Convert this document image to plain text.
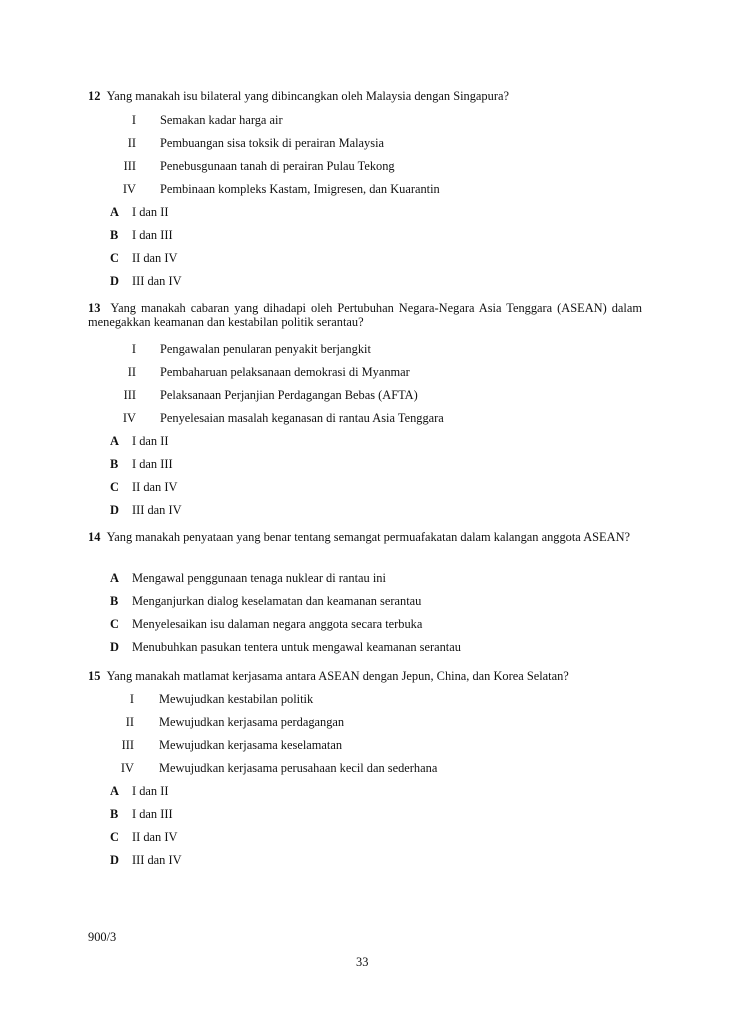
12 Yang manakah isu bilateral yang dibincangkan oleh Malaysia dengan Singapura?
I Semakan kadar harga air
II Pembuangan sisa toksik di perairan Malaysia
III Penebusgunaan tanah di perairan Pulau Tekong
IV Pembinaan kompleks Kastam, Imigresen, dan Kuarantin
A I dan II
B I dan III
C II dan IV
D III dan IV
13 Yang manakah cabaran yang dihadapi oleh Pertubuhan Negara-Negara Asia Tenggara (ASEAN) dalam menegakkan keamanan dan kestabilan politik serantau?
I Pengawalan penularan penyakit berjangkit
II Pembaharuan pelaksanaan demokrasi di Myanmar
III Pelaksanaan Perjanjian Perdagangan Bebas (AFTA)
IV Penyelesaian masalah keganasan di rantau Asia Tenggara
A I dan II
B I dan III
C II dan IV
D III dan IV
14 Yang manakah penyataan yang benar tentang semangat permuafakatan dalam kalangan anggota ASEAN?
A Mengawal penggunaan tenaga nuklear di rantau ini
B Menganjurkan dialog keselamatan dan keamanan serantau
C Menyelesaikan isu dalaman negara anggota secara terbuka
D Menubuhkan pasukan tentera untuk mengawal keamanan serantau
15 Yang manakah matlamat kerjasama antara ASEAN dengan Jepun, China, dan Korea Selatan?
I Mewujudkan kestabilan politik
II Mewujudkan kerjasama perdagangan
III Mewujudkan kerjasama keselamatan
IV Mewujudkan kerjasama perusahaan kecil dan sederhana
A I dan II
B I dan III
C II dan IV
D III dan IV
900/3
33
